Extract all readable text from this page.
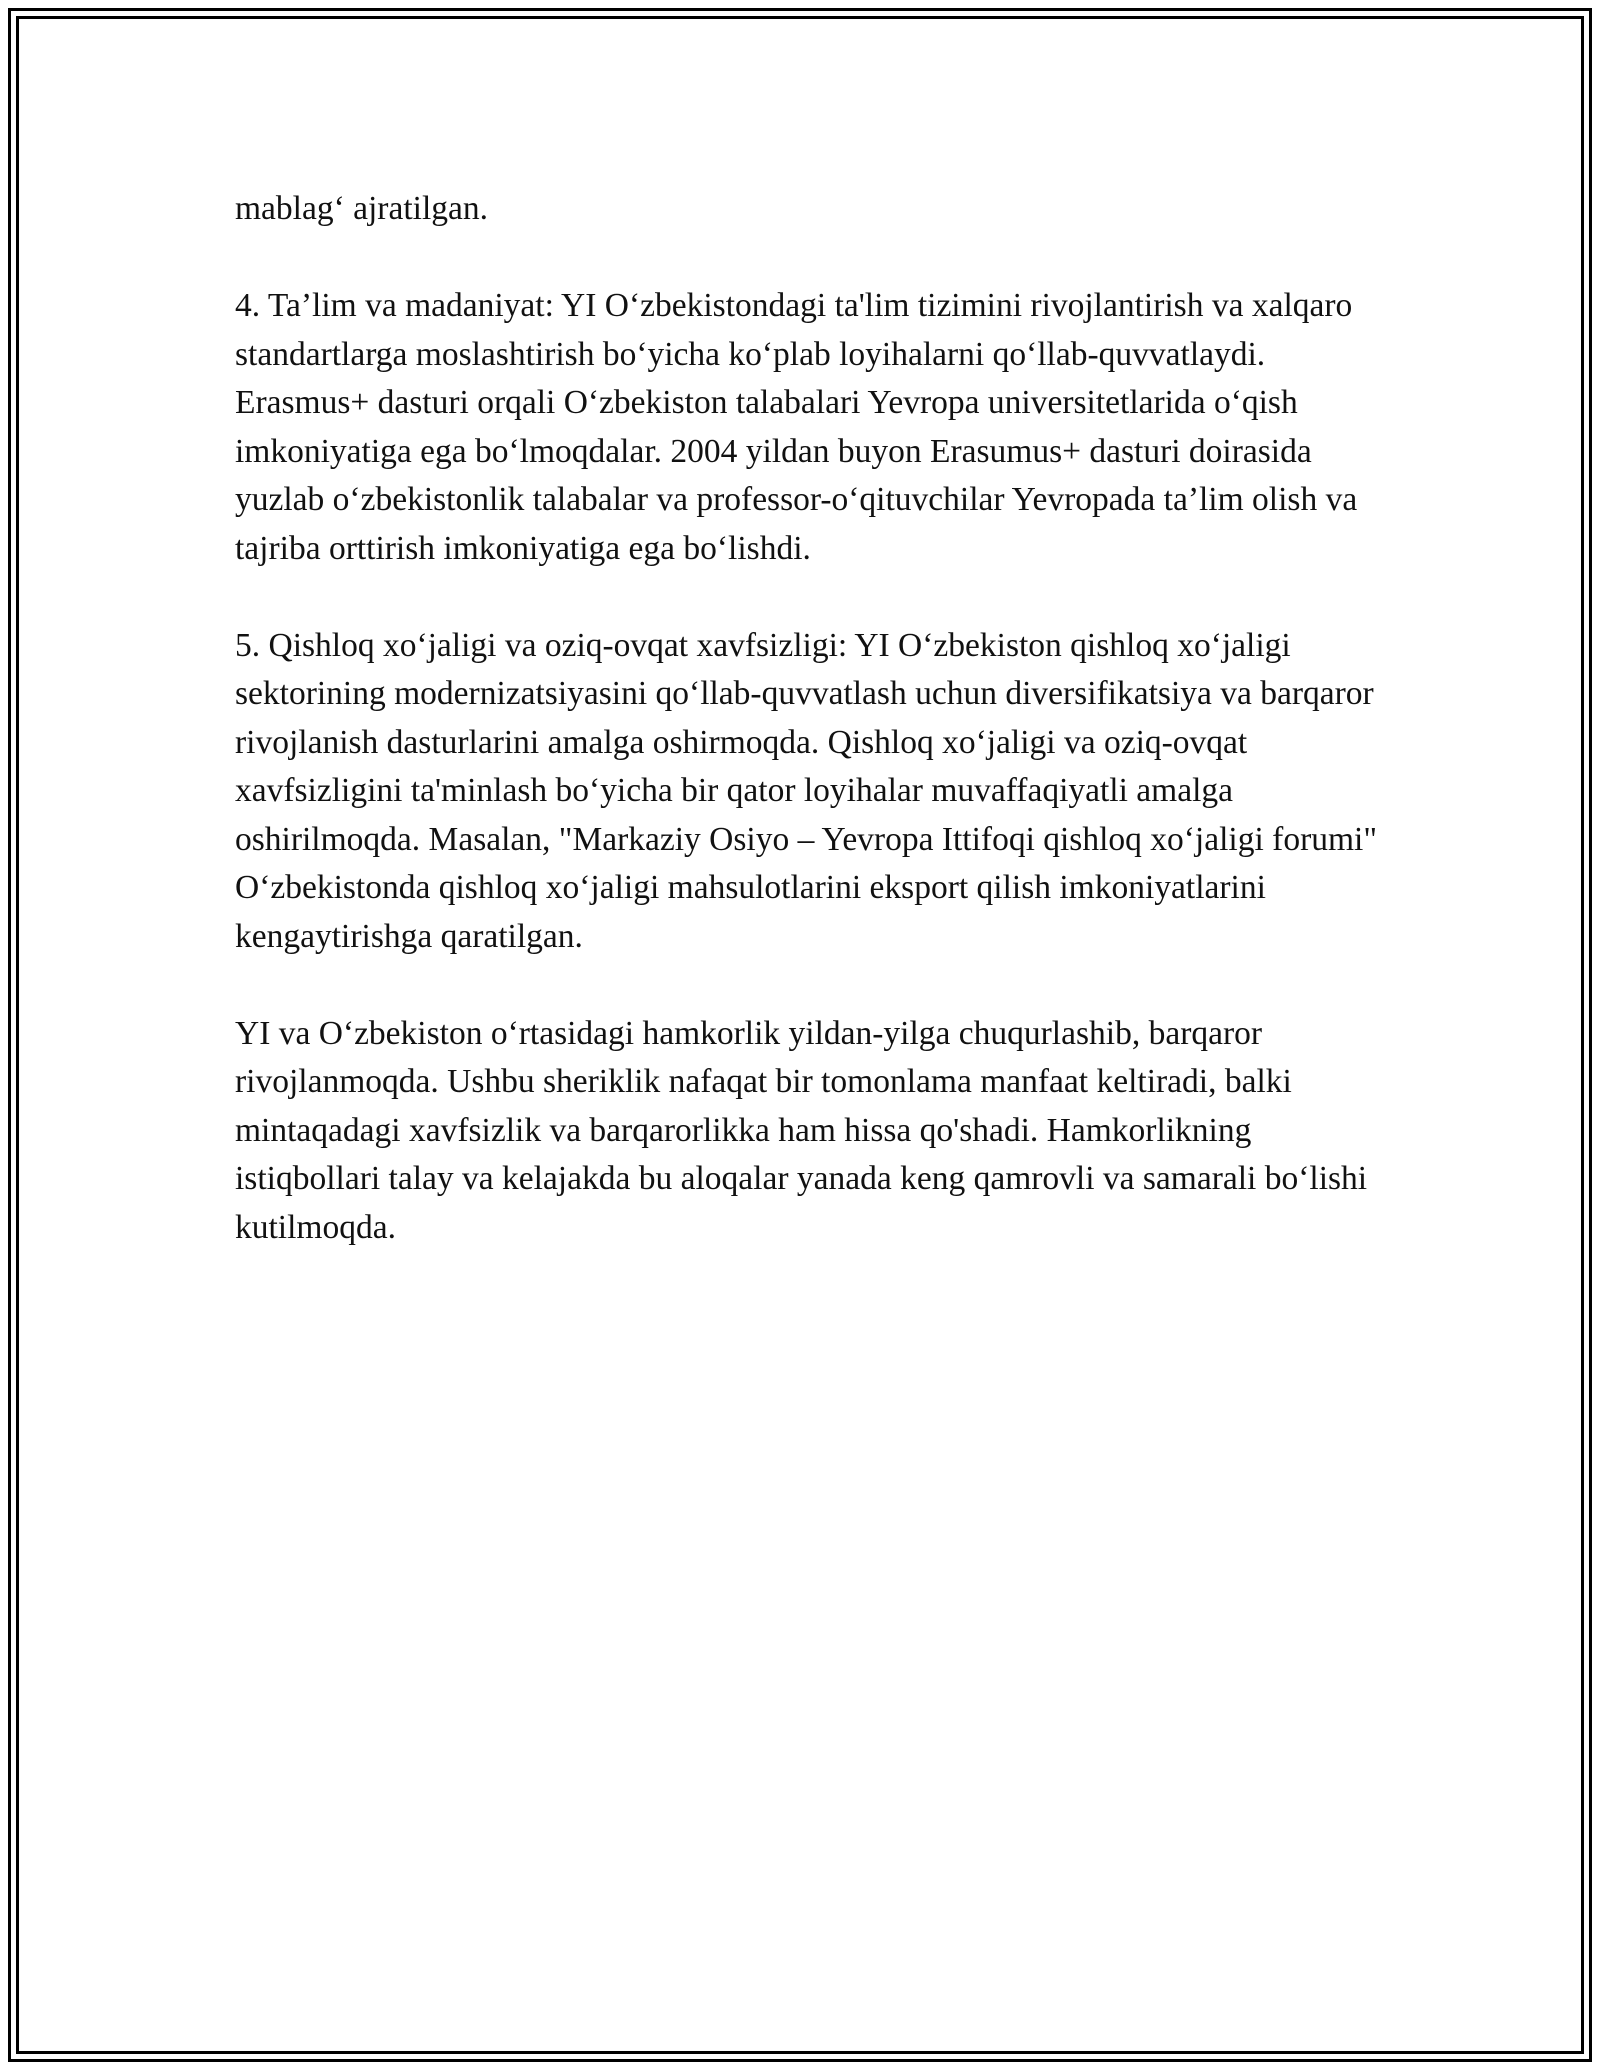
mablag‘ ajratilgan.

4. Ta’lim va madaniyat: YI O‘zbekistondagi ta'lim tizimini rivojlantirish va xalqaro standartlarga moslashtirish bo‘yicha ko‘plab loyihalarni qo‘llab-quvvatlaydi. Erasmus+ dasturi orqali O‘zbekiston talabalari Yevropa universitetlarida o‘qish imkoniyatiga ega bo‘lmoqdalar. 2004 yildan buyon Erasumus+ dasturi doirasida yuzlab o‘zbekistonlik talabalar va professor-o‘qituvchilar Yevropada ta’lim olish va tajriba orttirish imkoniyatiga ega bo‘lishdi.

5. Qishloq xo‘jaligi va oziq-ovqat xavfsizligi: YI O‘zbekiston qishloq xo‘jaligi sektorining modernizatsiyasini qo‘llab-quvvatlash uchun diversifikatsiya va barqaror rivojlanish dasturlarini amalga oshirmoqda. Qishloq xo‘jaligi va oziq-ovqat xavfsizligini ta'minlash bo‘yicha bir qator loyihalar muvaffaqiyatli amalga oshirilmoqda. Masalan, "Markaziy Osiyo – Yevropa Ittifoqi qishloq xo‘jaligi forumi" O‘zbekistonda qishloq xo‘jaligi mahsulotlarini eksport qilish imkoniyatlarini kengaytirishga qaratilgan.

YI va O‘zbekiston o‘rtasidagi hamkorlik yildan-yilga chuqurlashib, barqaror rivojlanmoqda. Ushbu sheriklik nafaqat bir tomonlama manfaat keltiradi, balki mintaqadagi xavfsizlik va barqarorlikka ham hissa qo'shadi. Hamkorlikning istiqbollari talay va kelajakda bu aloqalar yanada keng qamrovli va samarali bo‘lishi kutilmoqda.
